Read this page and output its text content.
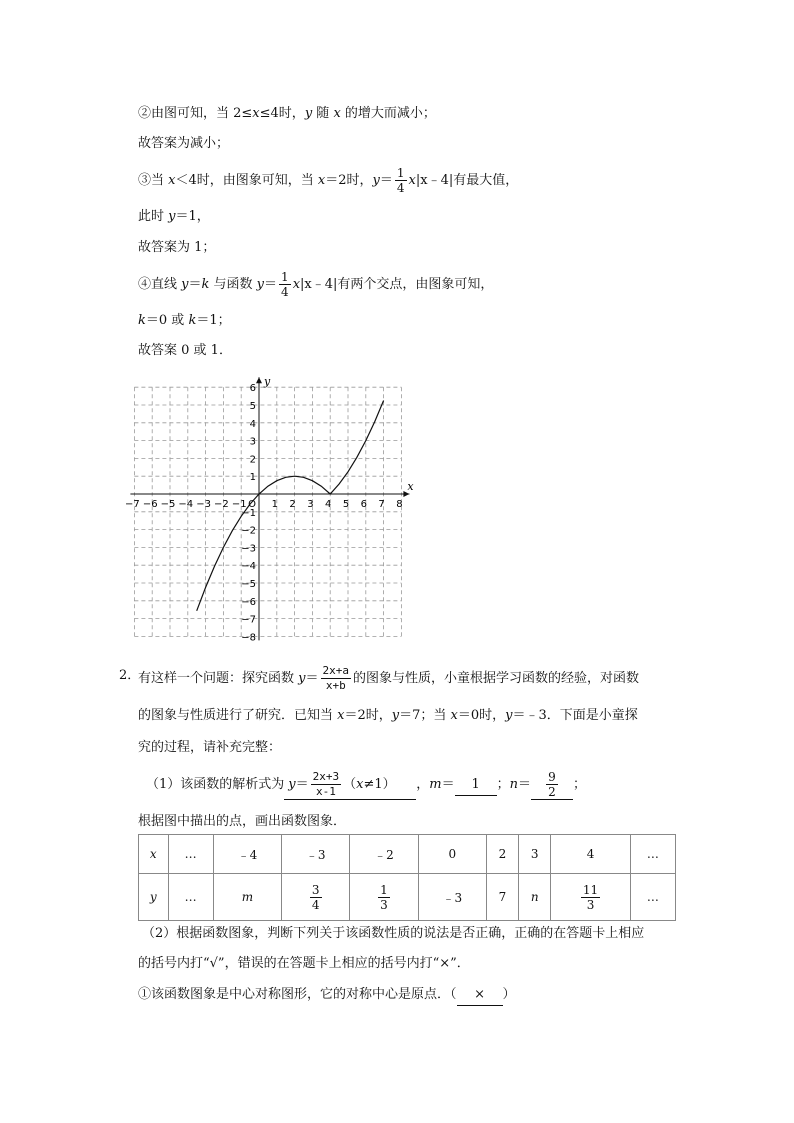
②由图可知，当 2≤x≤4时，y 随 x 的增大而减小；
故答案为减小；
③当 x＜4时，由图象可知，当 x＝2时，$y= \frac{1}{4}$ x|x﹣4|有最大值，
此时 y＝1，
故答案为 1；
④直线 y＝k 与函数 $y= \frac{1}{4}$ x|x﹣4|有两个交点，由图象可知，
k＝0 或 k＝1；
故答案 0 或 1．
−7 −6 −5 −4 −3 −2 −1 O 1 2 3 4 5 6 7 8
6
5
4
3
2
1
−1
−2
−3
−4
−5
−6
−7
−8
x
y
2．
有这样一个问题：探究函数 $y= \frac{2x+a}{x+b}$ 的图象与性质，小童根据学习函数的经验，对函数
的图象与性质进行了研究．已知当 x＝2时，y＝7；当 x＝0时，y＝﹣3．下面是小童探
究的过程，请补充完整：
（1）该函数的解析式为 $y= \frac{2x+3}{x-1} (x\ne 1)$ ，m＝ 1 ；$n= \frac{9}{2}$ ；
根据图中描出的点，画出函数图象．
x	…	﹣4	﹣3	﹣2	0	2	3	4	…
y	…	m	$\frac{3}{4}$	$\frac{1}{3}$	﹣3	7	n	$\frac{11}{3}$	…
（2）根据函数图象，判断下列关于该函数性质的说法是否正确，正确的在答题卡上相应
的括号内打“√”，错误的在答题卡上相应的括号内打“×”．
①该函数图象是中心对称图形，它的对称中心是原点．（ × ）
